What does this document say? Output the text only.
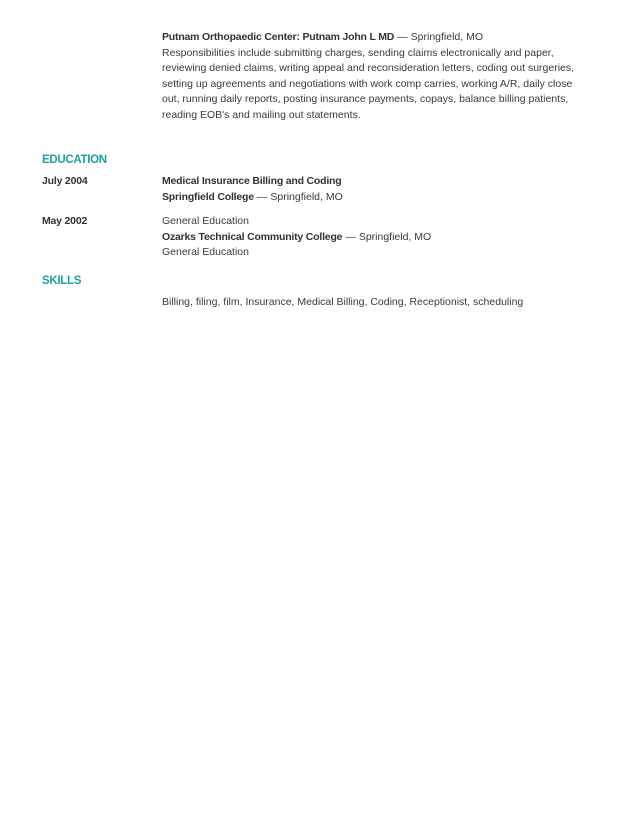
Putnam Orthopaedic Center: Putnam John L MD — Springfield, MO
Responsibilities include submitting charges, sending claims electronically and paper, reviewing denied claims, writing appeal and reconsideration letters, coding out surgeries, setting up agreements and negotiations with work comp carries, working A/R, daily close out, running daily reports, posting insurance payments, copays, balance billing patients, reading EOB's and mailing out statements.
EDUCATION
July 2004	Medical Insurance Billing and Coding
Springfield College — Springfield, MO
May 2002	General Education
Ozarks Technical Community College — Springfield, MO
General Education
SKILLS
Billing, filing, film, Insurance, Medical Billing, Coding, Receptionist, scheduling
